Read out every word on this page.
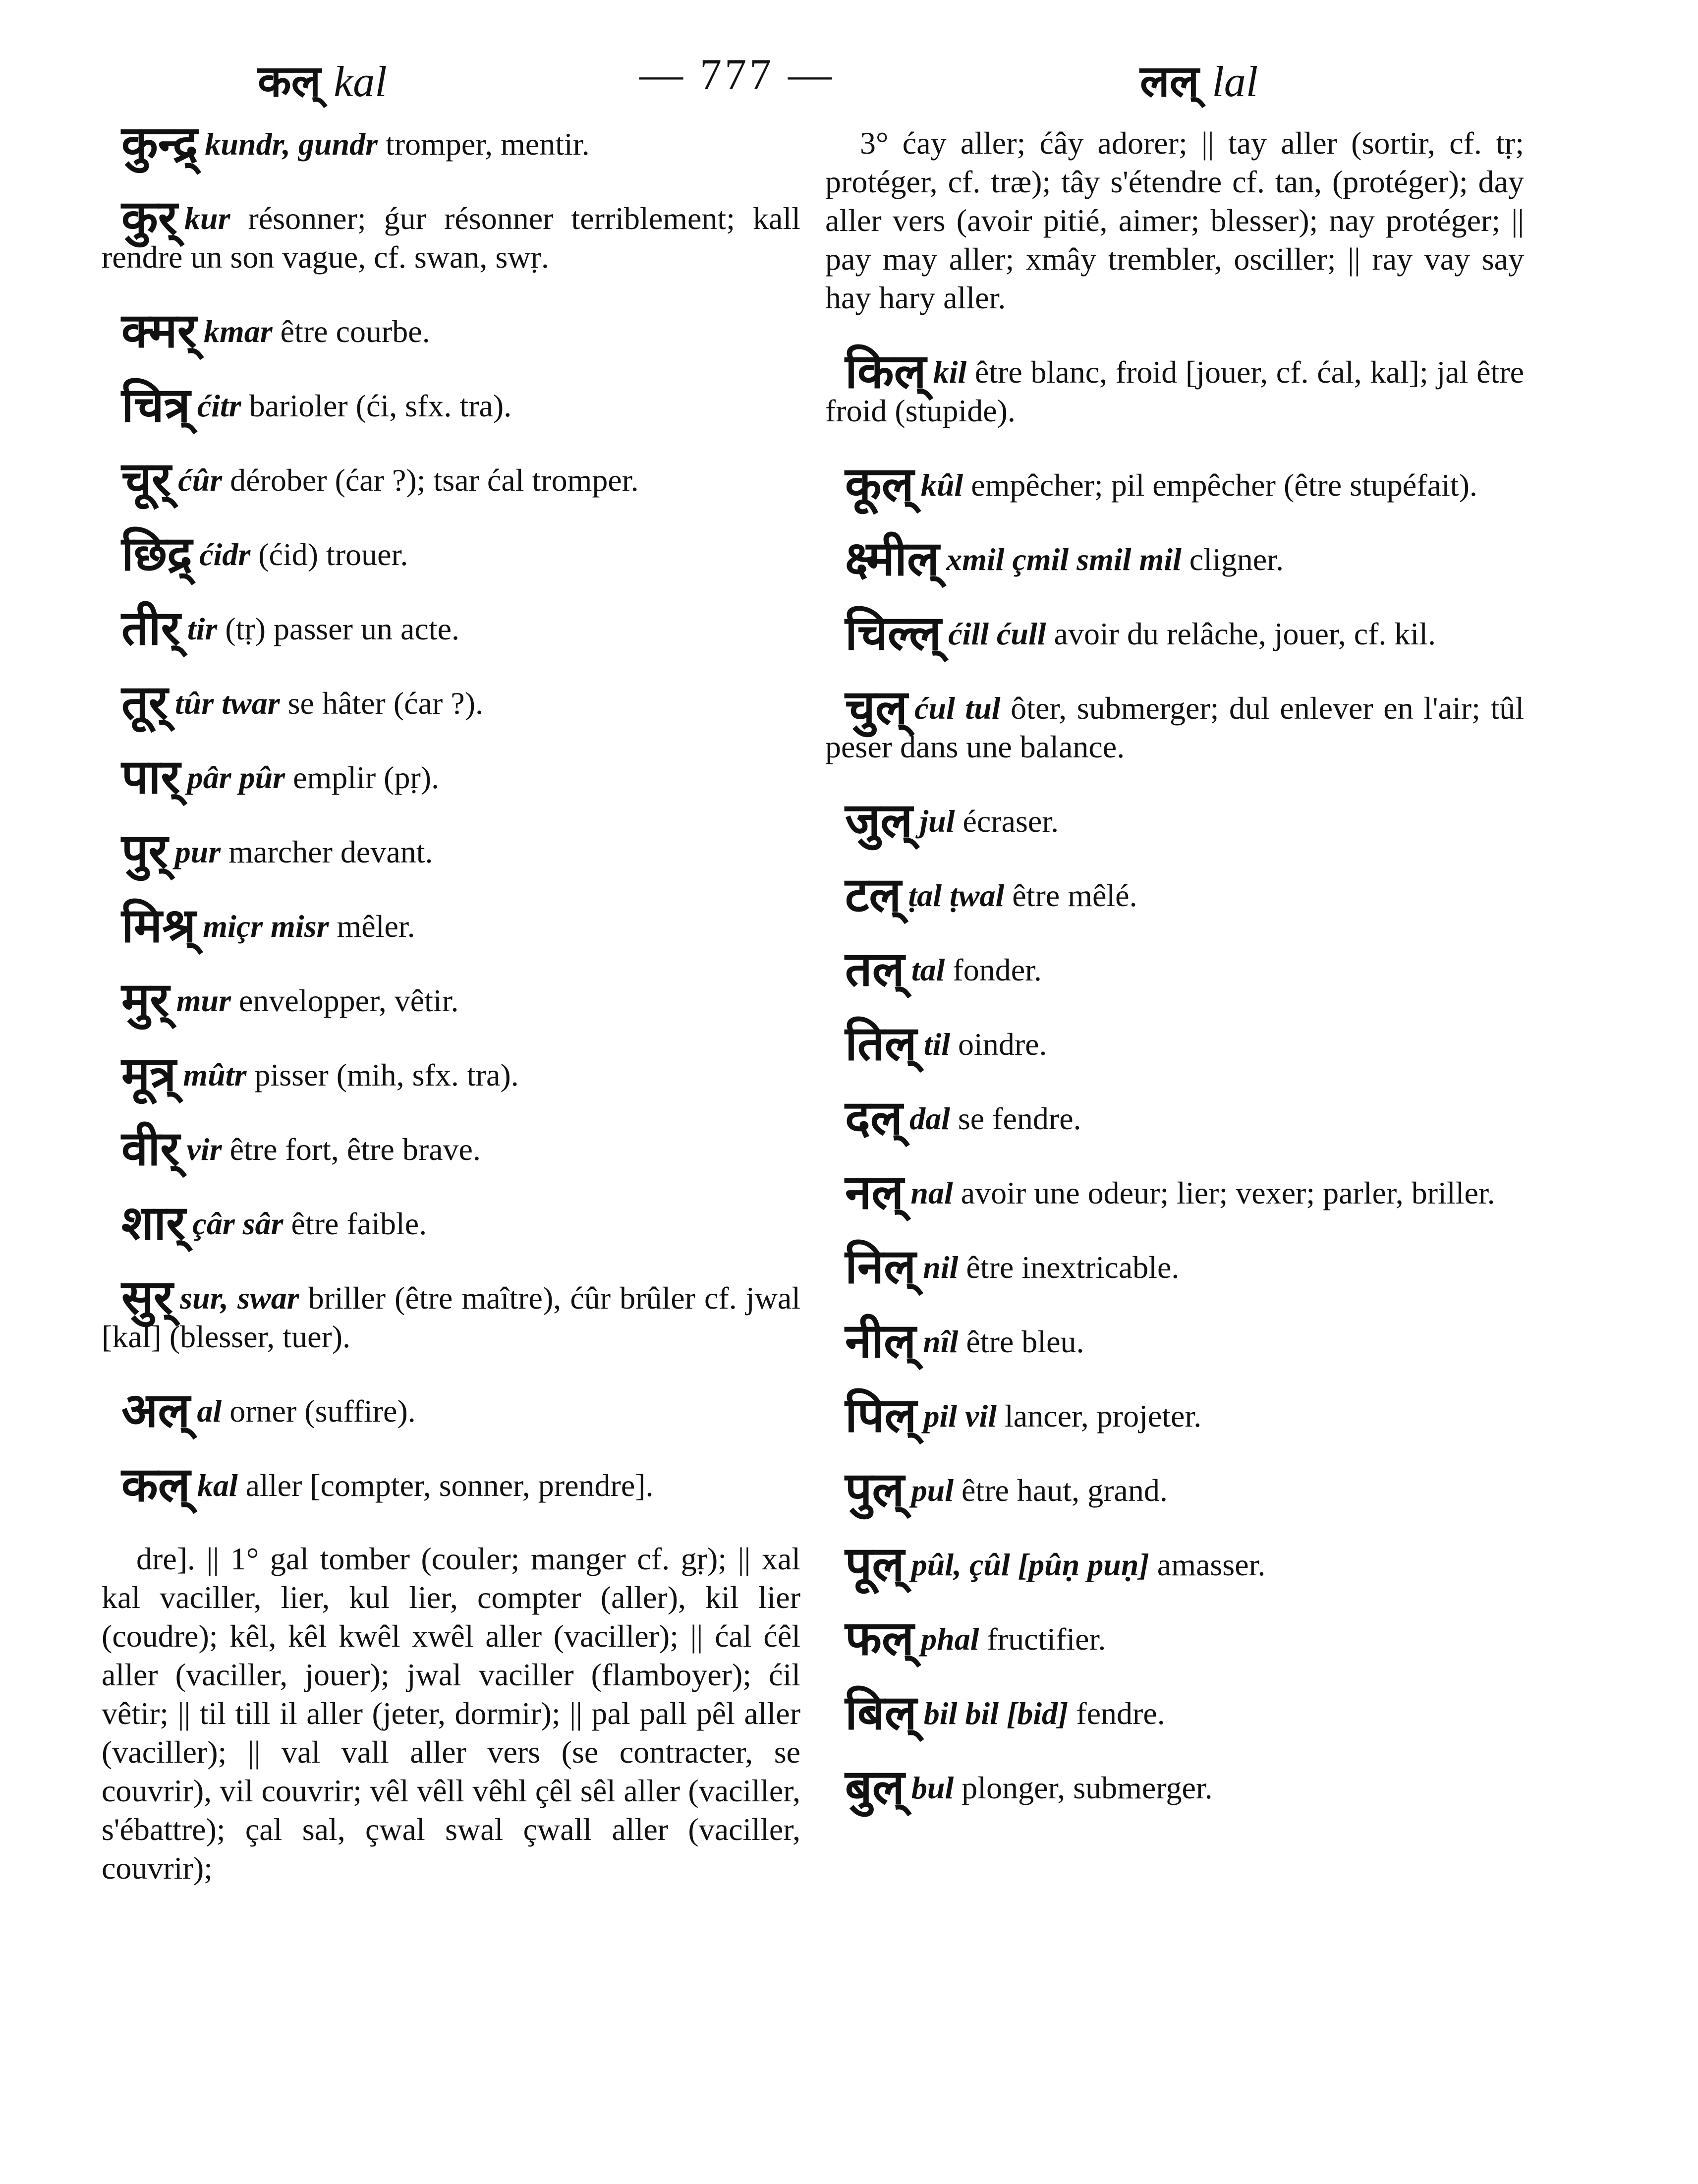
कल् kal	— 777 —	लल् lal

कुन्द्र् kundr, gundr tromper, mentir.

कुर् kur résonner; ǵur résonner terriblement; kall rendre un son vague, cf. swan, swṛ.

क्मर् kmar être courbe.

चित्र् ćitr barioler (ći, sfx. tra).

चूर् ćûr dérober (ćar ?); tsar ćal tromper.

छिद्र् ćidr (ćid) trouer.

तीर् tir (tṛ) passer un acte.

तूर् tûr twar se hâter (ćar ?).

पार् pâr pûr emplir (pṛ).

पुर् pur marcher devant.

मिश्र् miçr misr mêler.

मुर् mur envelopper, vêtir.

मूत्र् mûtr pisser (mih, sfx. tra).

वीर् vir être fort, être brave.

शार् çâr sâr être faible.

सुर् sur, swar briller (être maître), ćûr brûler cf. jwal [kal] (blesser, tuer).

अल् al orner (suffire).

कल् kal aller [compter, sonner, prendre].

dre]. || 1° gal tomber (couler; manger cf. gṛ); || xal kal vaciller, lier, kul lier, compter (aller), kil lier (coudre); kêl, kêl kwêl xwêl aller (vaciller); || ćal ćêl aller (vaciller, jouer); jwal vaciller (flamboyer); ćil vêtir; || til till il aller (jeter, dormir); || pal pall pêl aller (vaciller); || val vall aller vers (se contracter, se couvrir), vil couvrir; vêl vêll vêhl çêl sêl aller (vaciller, s'ébattre); çal sal, çwal swal çwall aller (vaciller, couvrir);

3° ćay aller; ćây adorer; || tay aller (sortir, cf. tṛ; protéger, cf. træ); tây s'étendre cf. tan, (protéger); day aller vers (avoir pitié, aimer; blesser); nay protéger; || pay may aller; xmây trembler, osciller; || ray vay say hay hary aller.

किल् kil être blanc, froid [jouer, cf. ćal, kal]; jal être froid (stupide).

कूल् kûl empêcher; pil empêcher (être stupéfait).

क्ष्मील् xmil çmil smil mil cligner.

चिल्ल् ćill ćull avoir du relâche, jouer, cf. kil.

चुल् ćul tul ôter, submerger; dul enlever en l'air; tûl peser dans une balance.

जुल् jul écraser.

टल् ṭal ṭwal être mêlé.

तल् tal fonder.

तिल् til oindre.

दल् dal se fendre.

नल् nal avoir une odeur; lier; vexer; parler, briller.

निल् nil être inextricable.

नील् nîl être bleu.

पिल् pil vil lancer, projeter.

पुल् pul être haut, grand.

पूल् pûl, çûl [pûṇ puṇ] amasser.

फल् phal fructifier.

बिल् bil bil [bid] fendre.

बुल् bul plonger, submerger.
